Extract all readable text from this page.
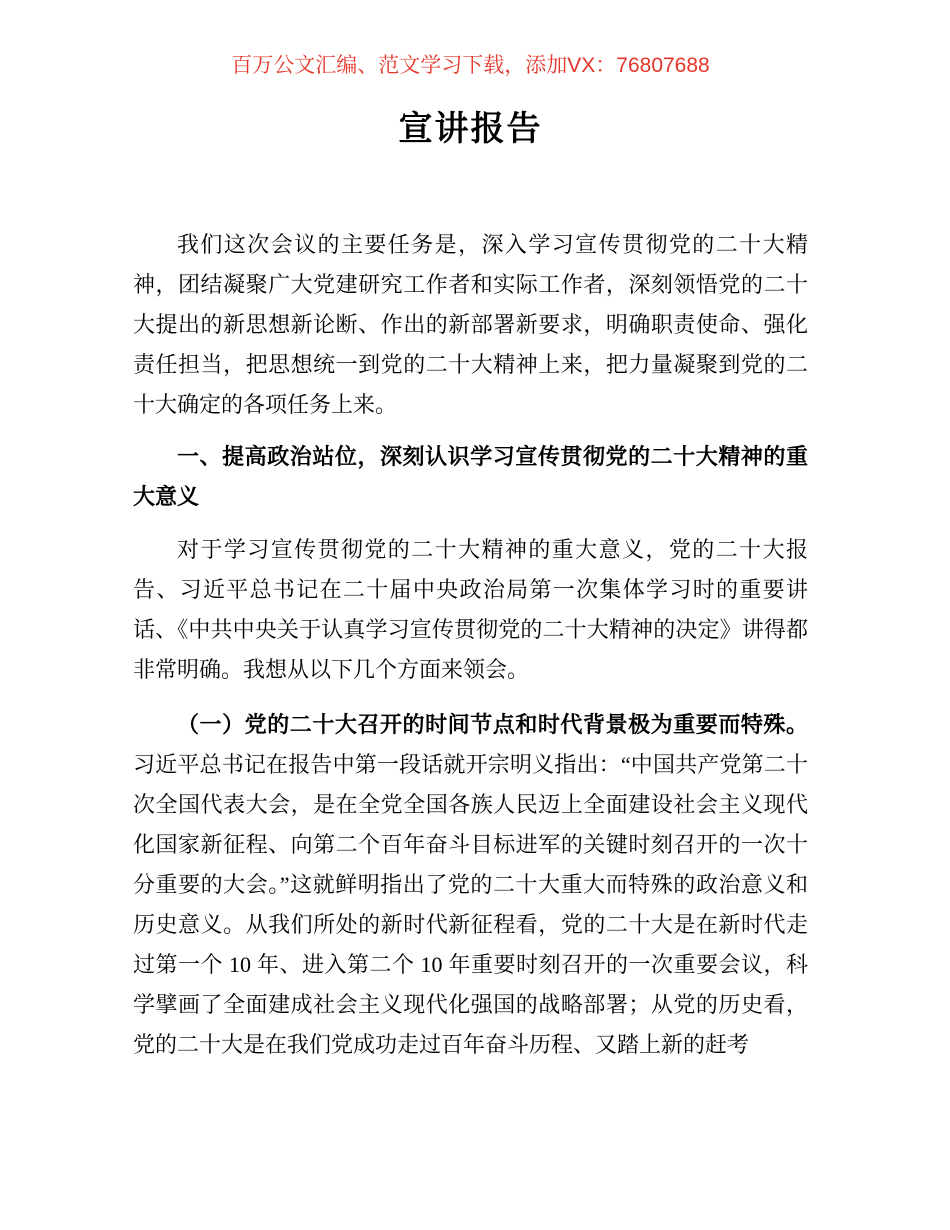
百万公文汇编、范文学习下载，添加VX：76807688

宣讲报告

我们这次会议的主要任务是，深入学习宣传贯彻党的二十大精神，团结凝聚广大党建研究工作者和实际工作者，深刻领悟党的二十大提出的新思想新论断、作出的新部署新要求，明确职责使命、强化责任担当，把思想统一到党的二十大精神上来，把力量凝聚到党的二十大确定的各项任务上来。

一、提高政治站位，深刻认识学习宣传贯彻党的二十大精神的重大意义

对于学习宣传贯彻党的二十大精神的重大意义，党的二十大报告、习近平总书记在二十届中央政治局第一次集体学习时的重要讲话、《中共中央关于认真学习宣传贯彻党的二十大精神的决定》讲得都非常明确。我想从以下几个方面来领会。

（一）党的二十大召开的时间节点和时代背景极为重要而特殊。习近平总书记在报告中第一段话就开宗明义指出：“中国共产党第二十次全国代表大会，是在全党全国各族人民迈上全面建设社会主义现代化国家新征程、向第二个百年奋斗目标进军的关键时刻召开的一次十分重要的大会。”这就鲜明指出了党的二十大重大而特殊的政治意义和历史意义。从我们所处的新时代新征程看，党的二十大是在新时代走过第一个 10 年、进入第二个 10 年重要时刻召开的一次重要会议，科学擘画了全面建成社会主义现代化强国的战略部署；从党的历史看，党的二十大是在我们党成功走过百年奋斗历程、又踏上新的赶考
